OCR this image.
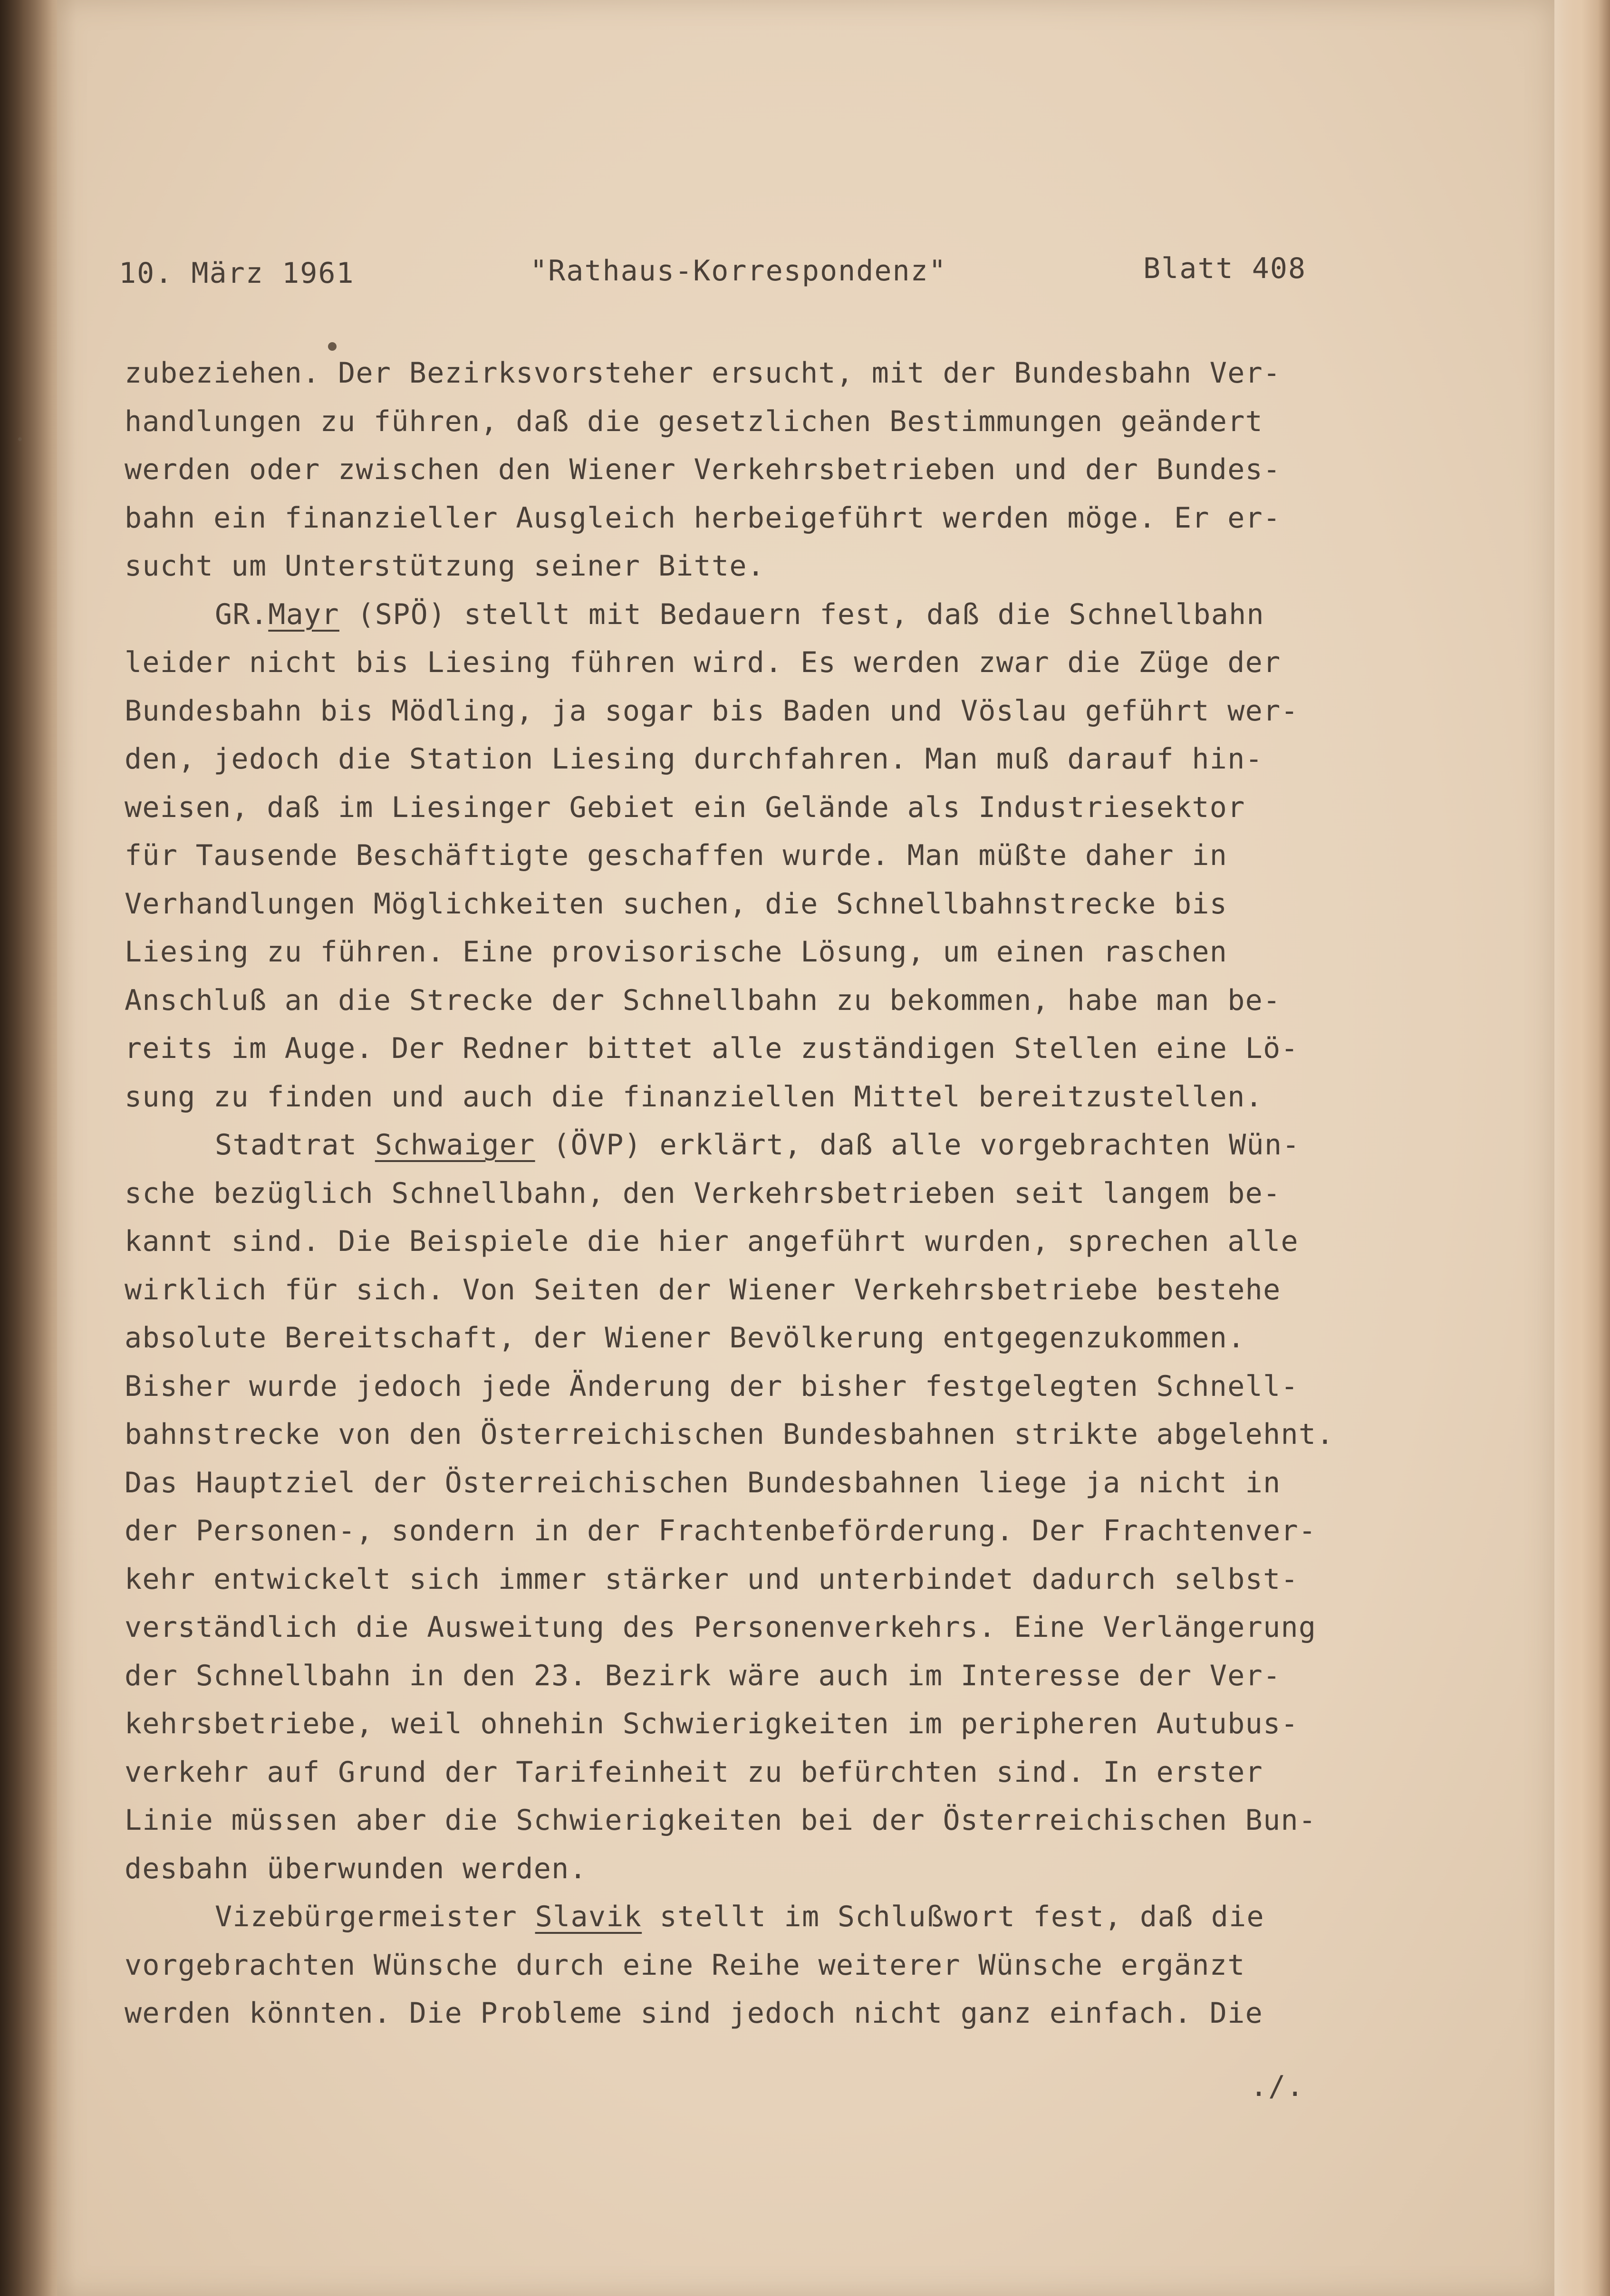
10. März 1961	"Rathaus-Korrespondenz"	Blatt 408
zubeziehen. Der Bezirksvorsteher ersucht, mit der Bundesbahn Ver-
handlungen zu führen, daß die gesetzlichen Bestimmungen geändert
werden oder zwischen den Wiener Verkehrsbetrieben und der Bundes-
bahn ein finanzieller Ausgleich herbeigeführt werden möge. Er er-
sucht um Unterstützung seiner Bitte.
GR.Mayr (SPÖ) stellt mit Bedauern fest, daß die Schnellbahn
leider nicht bis Liesing führen wird. Es werden zwar die Züge der
Bundesbahn bis Mödling, ja sogar bis Baden und Vöslau geführt wer-
den, jedoch die Station Liesing durchfahren. Man muß darauf hin-
weisen, daß im Liesinger Gebiet ein Gelände als Industriesektor
für Tausende Beschäftigte geschaffen wurde. Man müßte daher in
Verhandlungen Möglichkeiten suchen, die Schnellbahnstrecke bis
Liesing zu führen. Eine provisorische Lösung, um einen raschen
Anschluß an die Strecke der Schnellbahn zu bekommen, habe man be-
reits im Auge. Der Redner bittet alle zuständigen Stellen eine Lö-
sung zu finden und auch die finanziellen Mittel bereitzustellen.
Stadtrat Schwaiger (ÖVP) erklärt, daß alle vorgebrachten Wün-
sche bezüglich Schnellbahn, den Verkehrsbetrieben seit langem be-
kannt sind. Die Beispiele die hier angeführt wurden, sprechen alle
wirklich für sich. Von Seiten der Wiener Verkehrsbetriebe bestehe
absolute Bereitschaft, der Wiener Bevölkerung entgegenzukommen.
Bisher wurde jedoch jede Änderung der bisher festgelegten Schnell-
bahnstrecke von den Österreichischen Bundesbahnen strikte abgelehnt.
Das Hauptziel der Österreichischen Bundesbahnen liege ja nicht in
der Personen-, sondern in der Frachtenbeförderung. Der Frachtenver-
kehr entwickelt sich immer stärker und unterbindet dadurch selbst-
verständlich die Ausweitung des Personenverkehrs. Eine Verlängerung
der Schnellbahn in den 23. Bezirk wäre auch im Interesse der Ver-
kehrsbetriebe, weil ohnehin Schwierigkeiten im peripheren Autubus-
verkehr auf Grund der Tarifeinheit zu befürchten sind. In erster
Linie müssen aber die Schwierigkeiten bei der Österreichischen Bun-
desbahn überwunden werden.
Vizebürgermeister Slavik stellt im Schlußwort fest, daß die
vorgebrachten Wünsche durch eine Reihe weiterer Wünsche ergänzt
werden könnten. Die Probleme sind jedoch nicht ganz einfach. Die
./.
